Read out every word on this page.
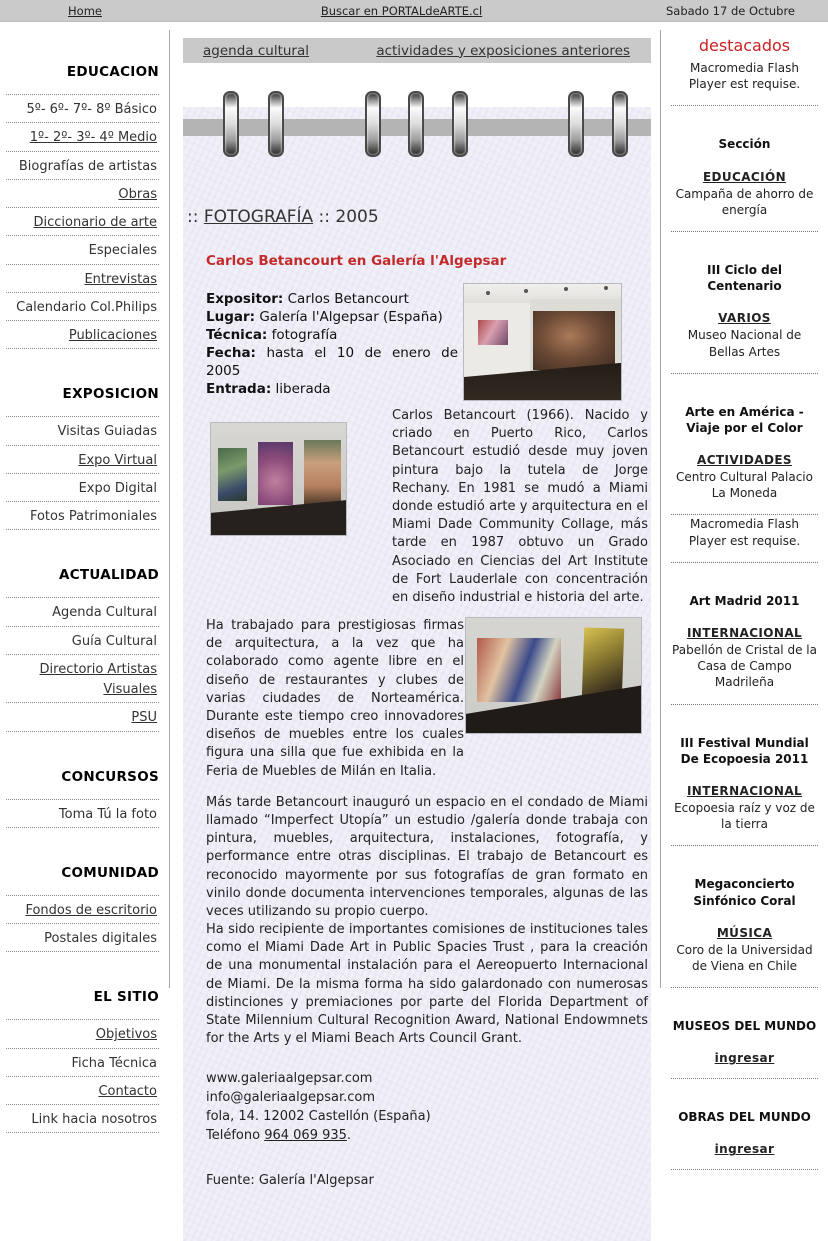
Home	Buscar en PORTALdeARTE.cl	Sabado 17 de Octubre
EDUCACION
5º- 6º- 7º- 8º Básico
1º- 2º- 3º- 4º Medio
Biografías de artistas
Obras
Diccionario de arte
Especiales
Entrevistas
Calendario Col.Philips
Publicaciones
EXPOSICION
Visitas Guiadas
Expo Virtual
Expo Digital
Fotos Patrimoniales
ACTUALIDAD
Agenda Cultural
Guía Cultural
Directorio Artistas Visuales
PSU
CONCURSOS
Toma Tú la foto
COMUNIDAD
Fondos de escritorio
Postales digitales
EL SITIO
Objetivos
Ficha Técnica
Contacto
Link hacia nosotros
agenda cultural	actividades y exposiciones anteriores
:: FOTOGRAFÍA :: 2005
Carlos Betancourt en Galería l'Algepsar
Expositor: Carlos Betancourt
Lugar: Galería l'Algepsar (España)
Técnica: fotografía
Fecha: hasta el 10 de enero de 2005
Entrada: liberada

Carlos Betancourt (1966). Nacido y criado en Puerto Rico, Carlos Betancourt estudió desde muy joven pintura bajo la tutela de Jorge Rechany. En 1981 se mudó a Miami donde estudió arte y arquitectura en el Miami Dade Community Collage, más tarde en 1987 obtuvo un Grado Asociado en Ciencias del Art Institute de Fort Lauderlale con concentración en diseño industrial e historia del arte.

Ha trabajado para prestigiosas firmas de arquitectura, a la vez que ha colaborado como agente libre en el diseño de restaurantes y clubes de varias ciudades de Norteamérica. Durante este tiempo creo innovadores diseños de muebles entre los cuales figura una silla que fue exhibida en la Feria de Muebles de Milán en Italia.

Más tarde Betancourt inauguró un espacio en el condado de Miami llamado “Imperfect Utopía” un estudio /galería donde trabaja con pintura, muebles, arquitectura, instalaciones, fotografía, y performance entre otras disciplinas. El trabajo de Betancourt es reconocido mayormente por sus fotografías de gran formato en vinilo donde documenta intervenciones temporales, algunas de las veces utilizando su propio cuerpo.

Ha sido recipiente de importantes comisiones de instituciones tales como el Miami Dade Art in Public Spacies Trust , para la creación de una monumental instalación para el Aereopuerto Internacional de Miami. De la misma forma ha sido galardonado con numerosas distinciones y premiaciones por parte del Florida Department of State Milennium Cultural Recognition Award, National Endowmnets for the Arts y el Miami Beach Arts Council Grant.

www.galeriaalgepsar.com
info@galeriaalgepsar.com
fola, 14. 12002 Castellón (España)
Teléfono 964 069 935.

Fuente: Galería l'Algepsar

destacados
Macromedia Flash Player est requise.
Sección
EDUCACIÓN
Campaña de ahorro de energía
III Ciclo del Centenario
VARIOS
Museo Nacional de Bellas Artes
Arte en América - Viaje por el Color
ACTIVIDADES
Centro Cultural Palacio La Moneda
Macromedia Flash Player est requise.
Art Madrid 2011
INTERNACIONAL
Pabellón de Cristal de la Casa de Campo Madrileña
III Festival Mundial De Ecopoesia 2011
INTERNACIONAL
Ecopoesia raíz y voz de la tierra
Megaconcierto Sinfónico Coral
MÚSICA
Coro de la Universidad de Viena en Chile
MUSEOS DEL MUNDO
ingresar
OBRAS DEL MUNDO
ingresar
